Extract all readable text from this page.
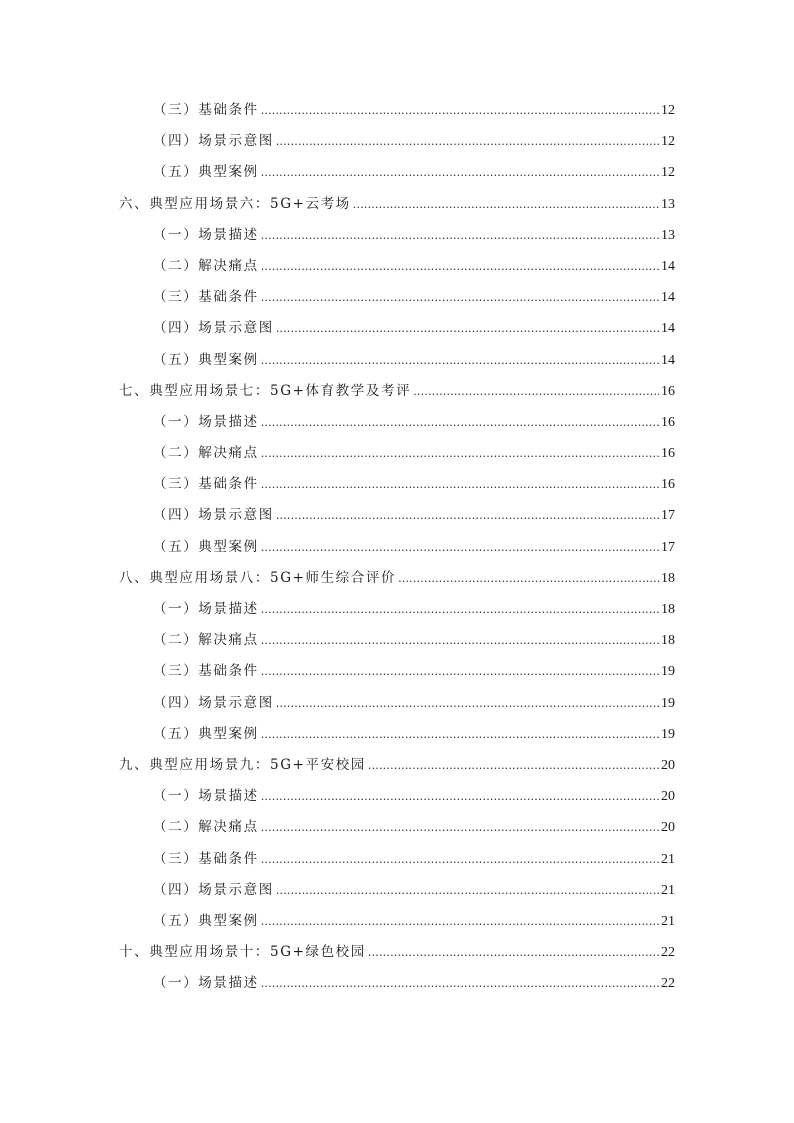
（三）基础条件 .....	12
（四）场景示意图 .....	12
（五）典型案例 .....	12
六、典型应用场景六：5G+云考场 .....	13
（一）场景描述 .....	13
（二）解决痛点 .....	14
（三）基础条件 .....	14
（四）场景示意图 .....	14
（五）典型案例 .....	14
七、典型应用场景七：5G+体育教学及考评 .....	16
（一）场景描述 .....	16
（二）解决痛点 .....	16
（三）基础条件 .....	16
（四）场景示意图 .....	17
（五）典型案例 .....	17
八、典型应用场景八：5G+师生综合评价 .....	18
（一）场景描述 .....	18
（二）解决痛点 .....	18
（三）基础条件 .....	19
（四）场景示意图 .....	19
（五）典型案例 .....	19
九、典型应用场景九：5G+平安校园 .....	20
（一）场景描述 .....	20
（二）解决痛点 .....	20
（三）基础条件 .....	21
（四）场景示意图 .....	21
（五）典型案例 .....	21
十、典型应用场景十：5G+绿色校园 .....	22
（一）场景描述 .....	22
